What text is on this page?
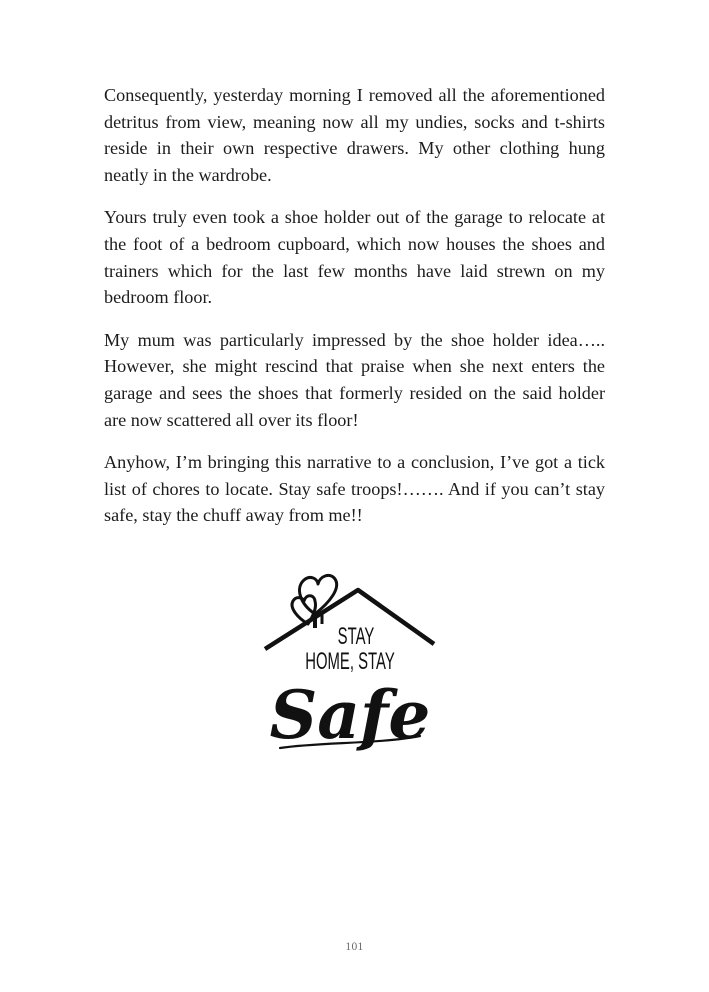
Consequently, yesterday morning I removed all the aforementioned detritus from view, meaning now all my undies, socks and t-shirts reside in their own respective drawers. My other clothing hung neatly in the wardrobe.

Yours truly even took a shoe holder out of the garage to relocate at the foot of a bedroom cupboard, which now houses the shoes and trainers which for the last few months have laid strewn on my bedroom floor.

My mum was particularly impressed by the shoe holder idea….. However, she might rescind that praise when she next enters the garage and sees the shoes that formerly resided on the said holder are now scattered all over its floor!

Anyhow, I’m bringing this narrative to a conclusion, I’ve got a tick list of chores to locate. Stay safe troops!……. And if you can’t stay safe, stay the chuff away from me!!

STAY
HOME, STAY
Safe
101
